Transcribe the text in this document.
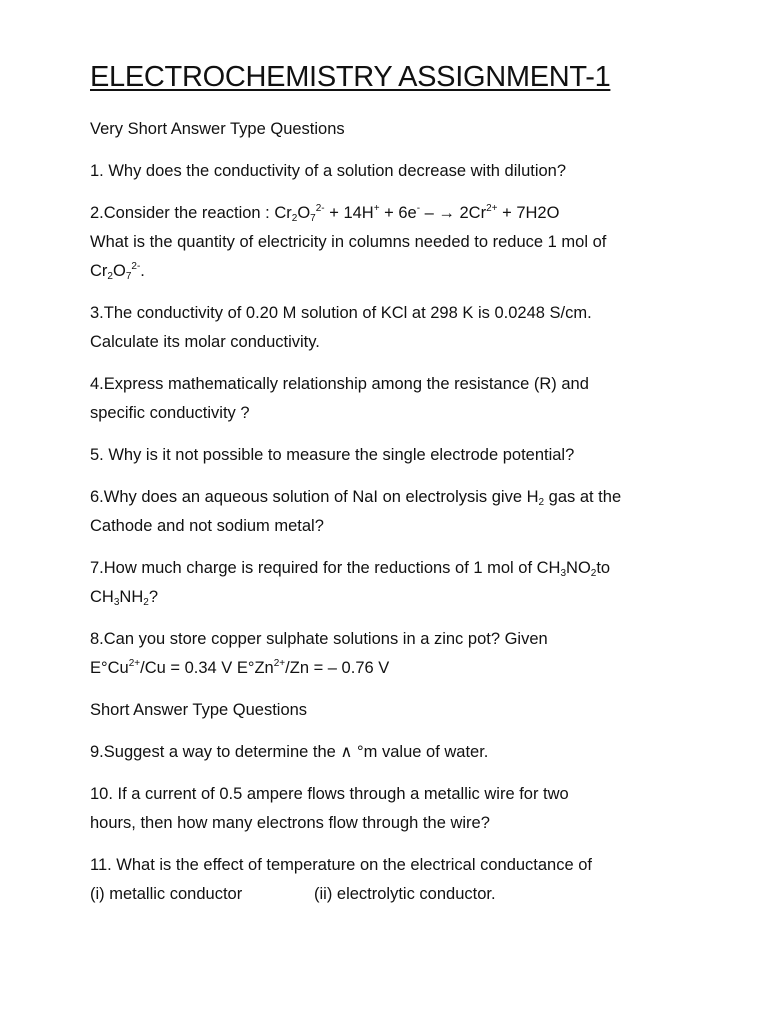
ELECTROCHEMISTRY ASSIGNMENT-1
Very Short Answer Type Questions
1. Why does the conductivity of a solution decrease with dilution?
2.Consider the reaction : $Cr_2O_7^{2-} + 14H^+ + 6e^-$ – → $2Cr^{2+} + 7H2O$
What is the quantity of electricity in columns needed to reduce 1 mol of
$Cr_2O_7^{2-}$.
3.The conductivity of 0.20 M solution of KCl at 298 K is 0.0248 S/cm.
Calculate its molar conductivity.
4.Express mathematically relationship among the resistance (R) and
specific conductivity ?
5. Why is it not possible to measure the single electrode potential?
6.Why does an aqueous solution of NaI on electrolysis give $H_2$ gas at the
Cathode and not sodium metal?
7.How much charge is required for the reductions of 1 mol of $CH_3NO_2to$
$CH_3NH_2$?
8.Can you store copper sulphate solutions in a zinc pot? Given
$E^\circ Cu^{2+}/Cu = 0.34$ V $E^\circ Zn^{2+}/Zn$ = – 0.76 V
Short Answer Type Questions
9.Suggest a way to determine the ∧ °m value of water.
10. If a current of 0.5 ampere flows through a metallic wire for two
hours, then how many electrons flow through the wire?
11. What is the effect of temperature on the electrical conductance of
(i) metallic conductor	(ii) electrolytic conductor.
